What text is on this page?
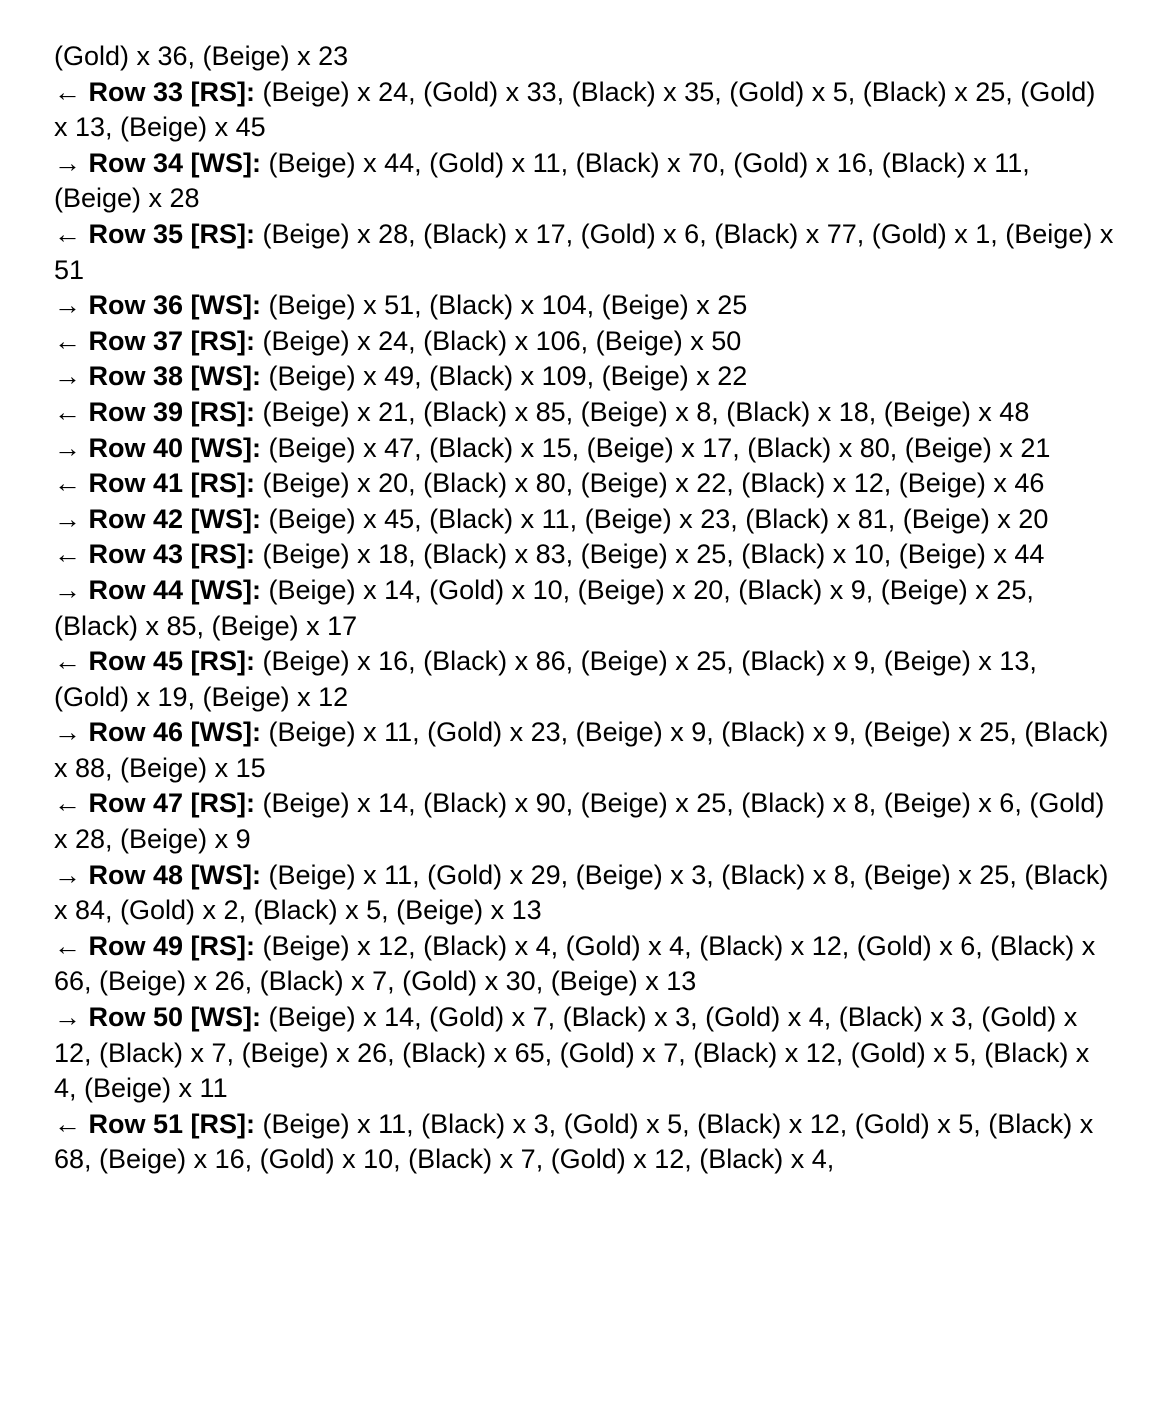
(Gold) x 36, (Beige) x 23

← Row 33 [RS]: (Beige) x 24, (Gold) x 33, (Black) x 35, (Gold) x 5, (Black) x 25, (Gold) x 13, (Beige) x 45

→ Row 34 [WS]: (Beige) x 44, (Gold) x 11, (Black) x 70, (Gold) x 16, (Black) x 11, (Beige) x 28

← Row 35 [RS]: (Beige) x 28, (Black) x 17, (Gold) x 6, (Black) x 77, (Gold) x 1, (Beige) x 51

→ Row 36 [WS]: (Beige) x 51, (Black) x 104, (Beige) x 25

← Row 37 [RS]: (Beige) x 24, (Black) x 106, (Beige) x 50

→ Row 38 [WS]: (Beige) x 49, (Black) x 109, (Beige) x 22

← Row 39 [RS]: (Beige) x 21, (Black) x 85, (Beige) x 8, (Black) x 18, (Beige) x 48

→ Row 40 [WS]: (Beige) x 47, (Black) x 15, (Beige) x 17, (Black) x 80, (Beige) x 21

← Row 41 [RS]: (Beige) x 20, (Black) x 80, (Beige) x 22, (Black) x 12, (Beige) x 46

→ Row 42 [WS]: (Beige) x 45, (Black) x 11, (Beige) x 23, (Black) x 81, (Beige) x 20

← Row 43 [RS]: (Beige) x 18, (Black) x 83, (Beige) x 25, (Black) x 10, (Beige) x 44

→ Row 44 [WS]: (Beige) x 14, (Gold) x 10, (Beige) x 20, (Black) x 9, (Beige) x 25, (Black) x 85, (Beige) x 17

← Row 45 [RS]: (Beige) x 16, (Black) x 86, (Beige) x 25, (Black) x 9, (Beige) x 13, (Gold) x 19, (Beige) x 12

→ Row 46 [WS]: (Beige) x 11, (Gold) x 23, (Beige) x 9, (Black) x 9, (Beige) x 25, (Black) x 88, (Beige) x 15

← Row 47 [RS]: (Beige) x 14, (Black) x 90, (Beige) x 25, (Black) x 8, (Beige) x 6, (Gold) x 28, (Beige) x 9

→ Row 48 [WS]: (Beige) x 11, (Gold) x 29, (Beige) x 3, (Black) x 8, (Beige) x 25, (Black) x 84, (Gold) x 2, (Black) x 5, (Beige) x 13

← Row 49 [RS]: (Beige) x 12, (Black) x 4, (Gold) x 4, (Black) x 12, (Gold) x 6, (Black) x 66, (Beige) x 26, (Black) x 7, (Gold) x 30, (Beige) x 13

→ Row 50 [WS]: (Beige) x 14, (Gold) x 7, (Black) x 3, (Gold) x 4, (Black) x 3, (Gold) x 12, (Black) x 7, (Beige) x 26, (Black) x 65, (Gold) x 7, (Black) x 12, (Gold) x 5, (Black) x 4, (Beige) x 11

← Row 51 [RS]: (Beige) x 11, (Black) x 3, (Gold) x 5, (Black) x 12, (Gold) x 5, (Black) x 68, (Beige) x 16, (Gold) x 10, (Black) x 7, (Gold) x 12, (Black) x 4,
